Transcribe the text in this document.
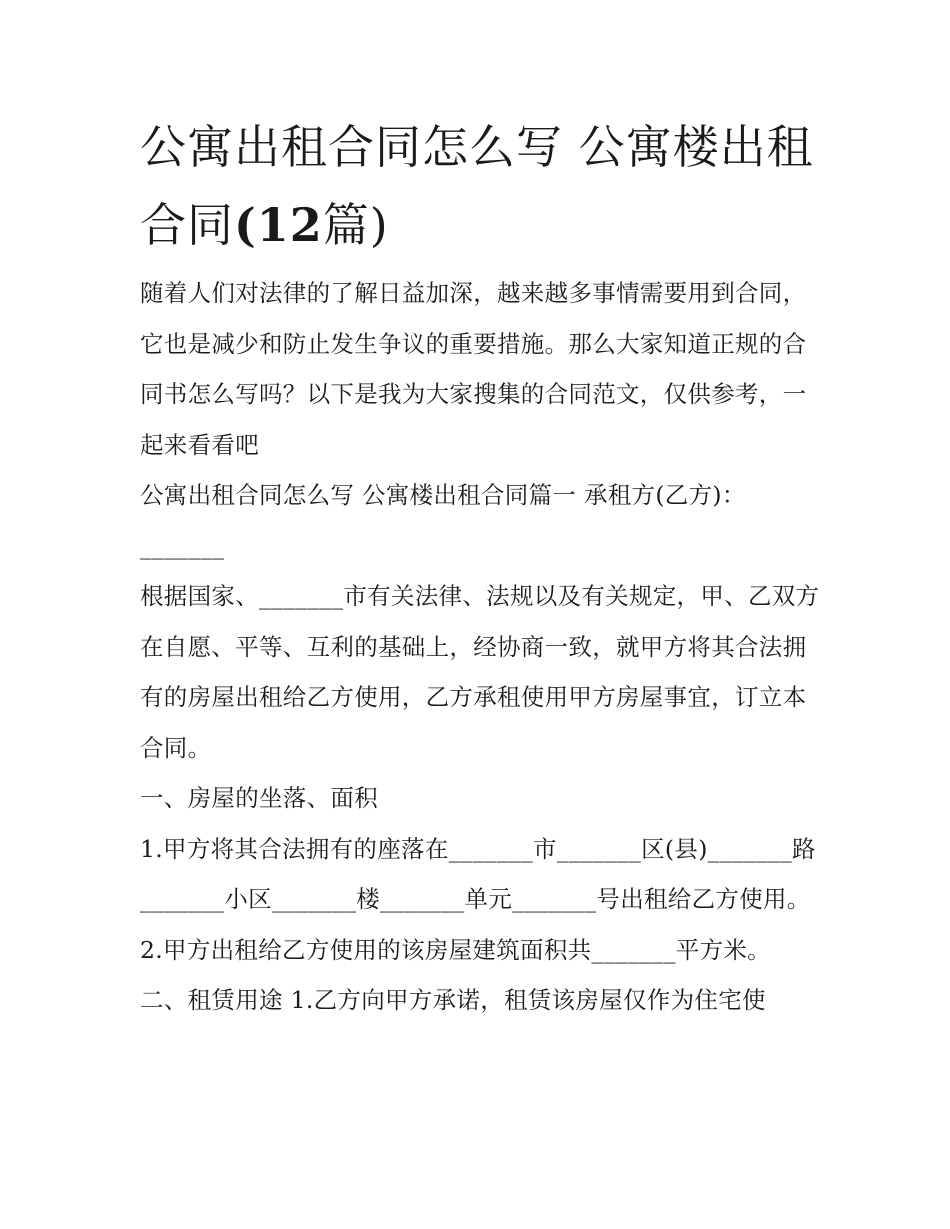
公寓出租合同怎么写 公寓楼出租合同(12篇)

随着人们对法律的了解日益加深，越来越多事情需要用到合同，它也是减少和防止发生争议的重要措施。那么大家知道正规的合同书怎么写吗？以下是我为大家搜集的合同范文，仅供参考，一起来看看吧

公寓出租合同怎么写 公寓楼出租合同篇一 承租方(乙方)：_______

根据国家、_______市有关法律、法规以及有关规定，甲、乙双方在自愿、平等、互利的基础上，经协商一致，就甲方将其合法拥有的房屋出租给乙方使用，乙方承租使用甲方房屋事宜，订立本合同。

一、房屋的坐落、面积

1.甲方将其合法拥有的座落在_______市_______区(县)_______路_______小区_______楼_______单元_______号出租给乙方使用。

2.甲方出租给乙方使用的该房屋建筑面积共_______平方米。

二、租赁用途 1.乙方向甲方承诺，租赁该房屋仅作为住宅使
